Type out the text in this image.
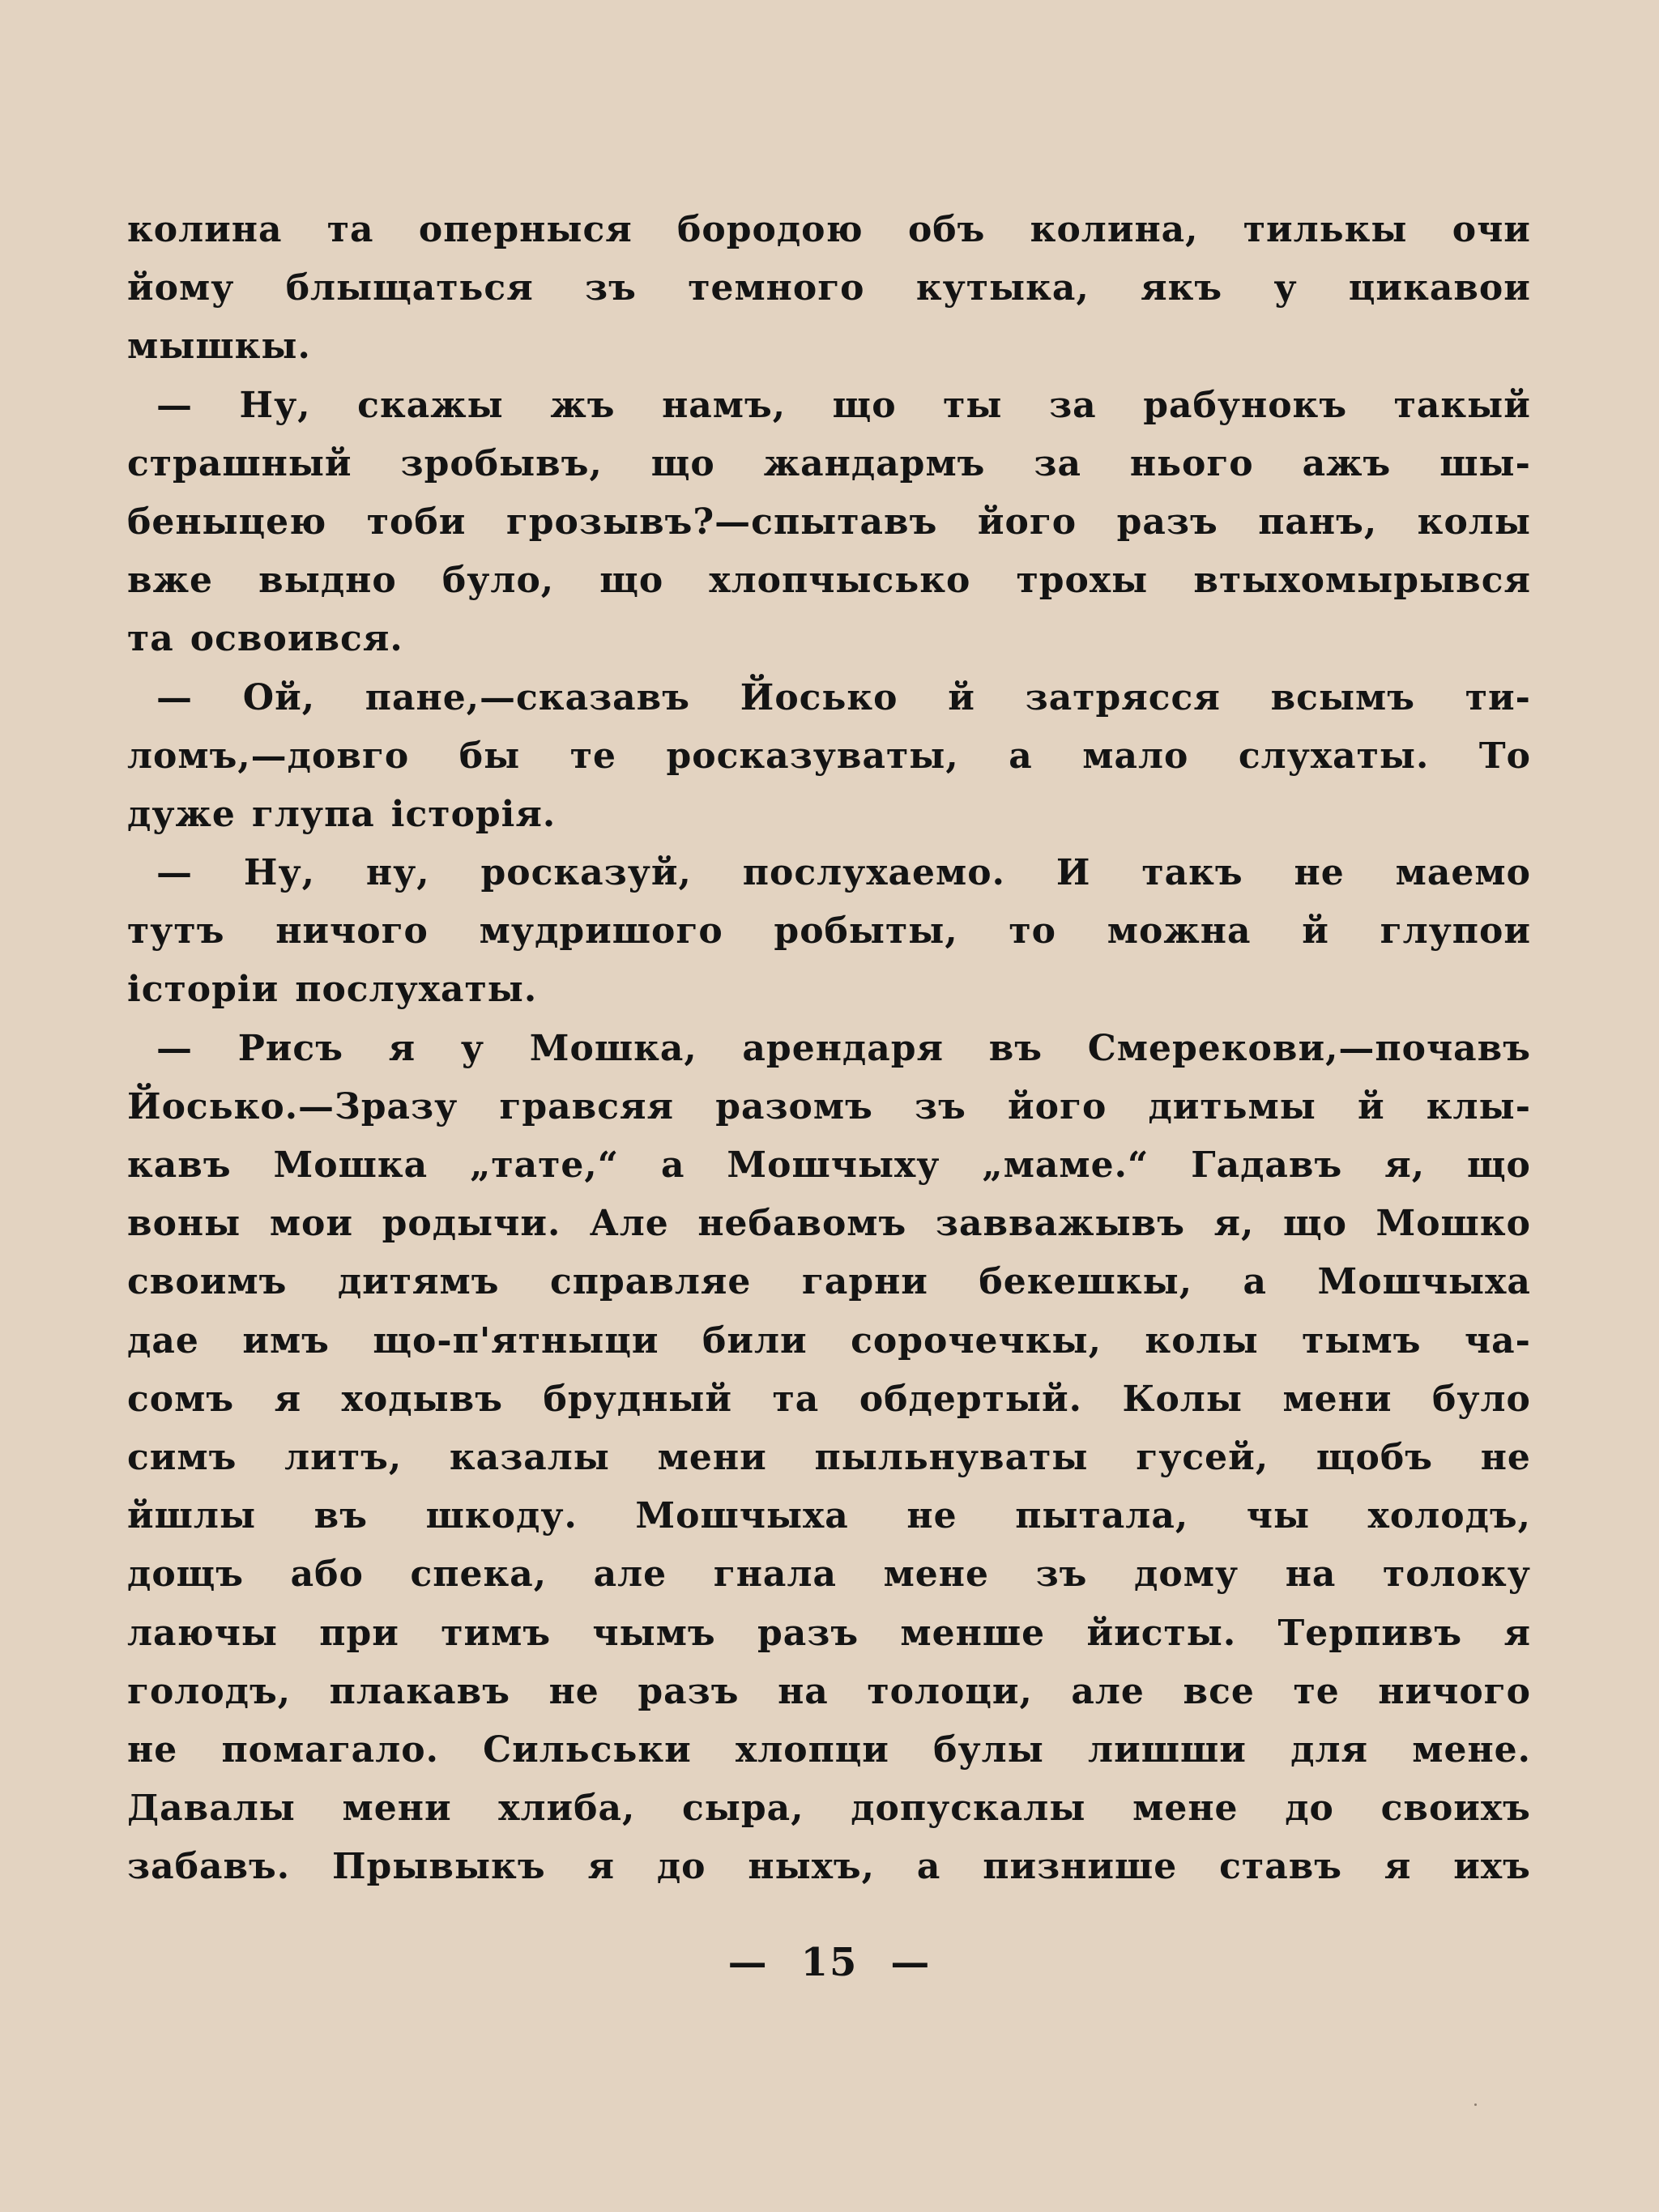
колина та оперныся бородою объ колина, тилькы очи
йому блыщаться зъ темного кутыка, якъ у цикавои
мышкы.
— Ну, скажы жъ намъ, що ты за рабунокъ такый
страшный зробывъ, що жандармъ за нього ажъ шы-
беныцею тоби грозывъ?—спытавъ його разъ панъ, колы
вже выдно було, що хлопчысько трохы втыхомырывся
та освоився.
— Ой, пане,—сказавъ Йосько й затрясся всымъ ти-
ломъ,—довго бы те росказуваты, а мало слухаты. То
дуже глупа історія.
— Ну, ну, росказуй, послухаемо. И такъ не маемо
тутъ ничого мудришого робыты, то можна й глупои
історіи послухаты.
— Рисъ я у Мошка, арендаря въ Смерекови,—почавъ
Йосько.—Зразу гравсяя разомъ зъ його дитьмы й клы-
кавъ Мошка „тате,“ а Мошчыху „маме.“ Гадавъ я, що
воны мои родычи. Але небавомъ завважывъ я, що Мошко
своимъ дитямъ справляе гарни бекешкы, а Мошчыха
дае имъ що-п'ятныци били сорочечкы, колы тымъ ча-
сомъ я ходывъ брудный та обдертый. Колы мени було
симъ литъ, казалы мени пыльнуваты гусей, щобъ не
йшлы въ шкоду. Мошчыха не пытала, чы холодъ,
дощъ або спека, але гнала мене зъ дому на толоку
лаючы при тимъ чымъ разъ менше йисты. Терпивъ я
голодъ, плакавъ не разъ на толоци, але все те ничого
не помагало. Сильськи хлопци булы лишши для мене.
Давалы мени хлиба, сыра, допускалы мене до своихъ
забавъ. Прывыкъ я до ныхъ, а пизнише ставъ я ихъ
— 15 —
